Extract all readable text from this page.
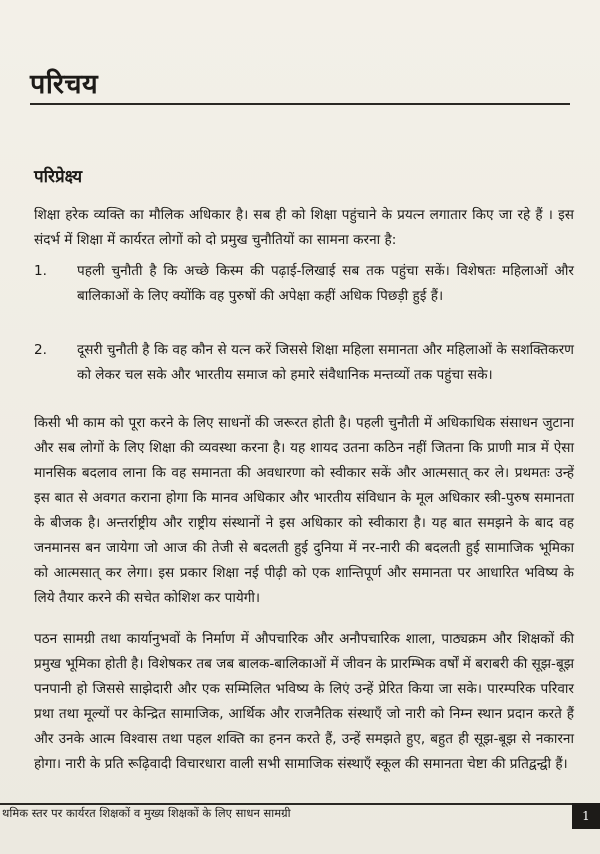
परिचय
परिप्रेक्ष्य
शिक्षा हरेक व्यक्ति का मौलिक अधिकार है। सब ही को शिक्षा पहुंचाने के प्रयत्न लगातार किए जा रहे हैं । इस संदर्भ में शिक्षा में कार्यरत लोगों को दो प्रमुख चुनौतियों का सामना करना है:
1. पहली चुनौती है कि अच्छे किस्म की पढ़ाई-लिखाई सब तक पहुंचा सकें। विशेषतः महिलाओं और बालिकाओं के लिए क्योंकि वह पुरुषों की अपेक्षा कहीं अधिक पिछड़ी हुई हैं।
2. दूसरी चुनौती है कि वह कौन से यत्न करें जिससे शिक्षा महिला समानता और महिलाओं के सशक्तिकरण को लेकर चल सके और भारतीय समाज को हमारे संवैधानिक मन्तव्यों तक पहुंचा सके।
किसी भी काम को पूरा करने के लिए साधनों की जरूरत होती है। पहली चुनौती में अधिकाधिक संसाधन जुटाना और सब लोगों के लिए शिक्षा की व्यवस्था करना है। यह शायद उतना कठिन नहीं जितना कि प्राणी मात्र में ऐसा मानसिक बदलाव लाना कि वह समानता की अवधारणा को स्वीकार सकें और आत्मसात् कर ले। प्रथमतः उन्हें इस बात से अवगत कराना होगा कि मानव अधिकार और भारतीय संविधान के मूल अधिकार स्त्री-पुरुष समानता के बीजक है। अन्तर्राष्ट्रीय और राष्ट्रीय संस्थानों ने इस अधिकार को स्वीकारा है। यह बात समझने के बाद वह जनमानस बन जायेगा जो आज की तेजी से बदलती हुई दुनिया में नर-नारी की बदलती हुई सामाजिक भूमिका को आत्मसात् कर लेगा। इस प्रकार शिक्षा नई पीढ़ी को एक शान्तिपूर्ण और समानता पर आधारित भविष्य के लिये तैयार करने की सचेत कोशिश कर पायेगी।
पठन सामग्री तथा कार्यानुभवों के निर्माण में औपचारिक और अनौपचारिक शाला, पाठ्यक्रम और शिक्षकों की प्रमुख भूमिका होती है। विशेषकर तब जब बालक-बालिकाओं में जीवन के प्रारम्भिक वर्षों में बराबरी की सूझ-बूझ पनपानी हो जिससे साझेदारी और एक सम्मिलित भविष्य के लिएं उन्हें प्रेरित किया जा सके। पारम्परिक परिवार प्रथा तथा मूल्यों पर केन्द्रित सामाजिक, आर्थिक और राजनैतिक संस्थाएँ जो नारी को निम्न स्थान प्रदान करते हैं और उनके आत्म विश्वास तथा पहल शक्ति का हनन करते हैं, उन्हें समझते हुए, बहुत ही सूझ-बूझ से नकारना होगा। नारी के प्रति रूढ़िवादी विचारधारा वाली सभी सामाजिक संस्थाएँ स्कूल की समानता चेष्टा की प्रतिद्वन्द्वी हैं।
थमिक स्तर पर कार्यरत शिक्षकों व मुख्य शिक्षकों के लिए साधन सामग्री	1
